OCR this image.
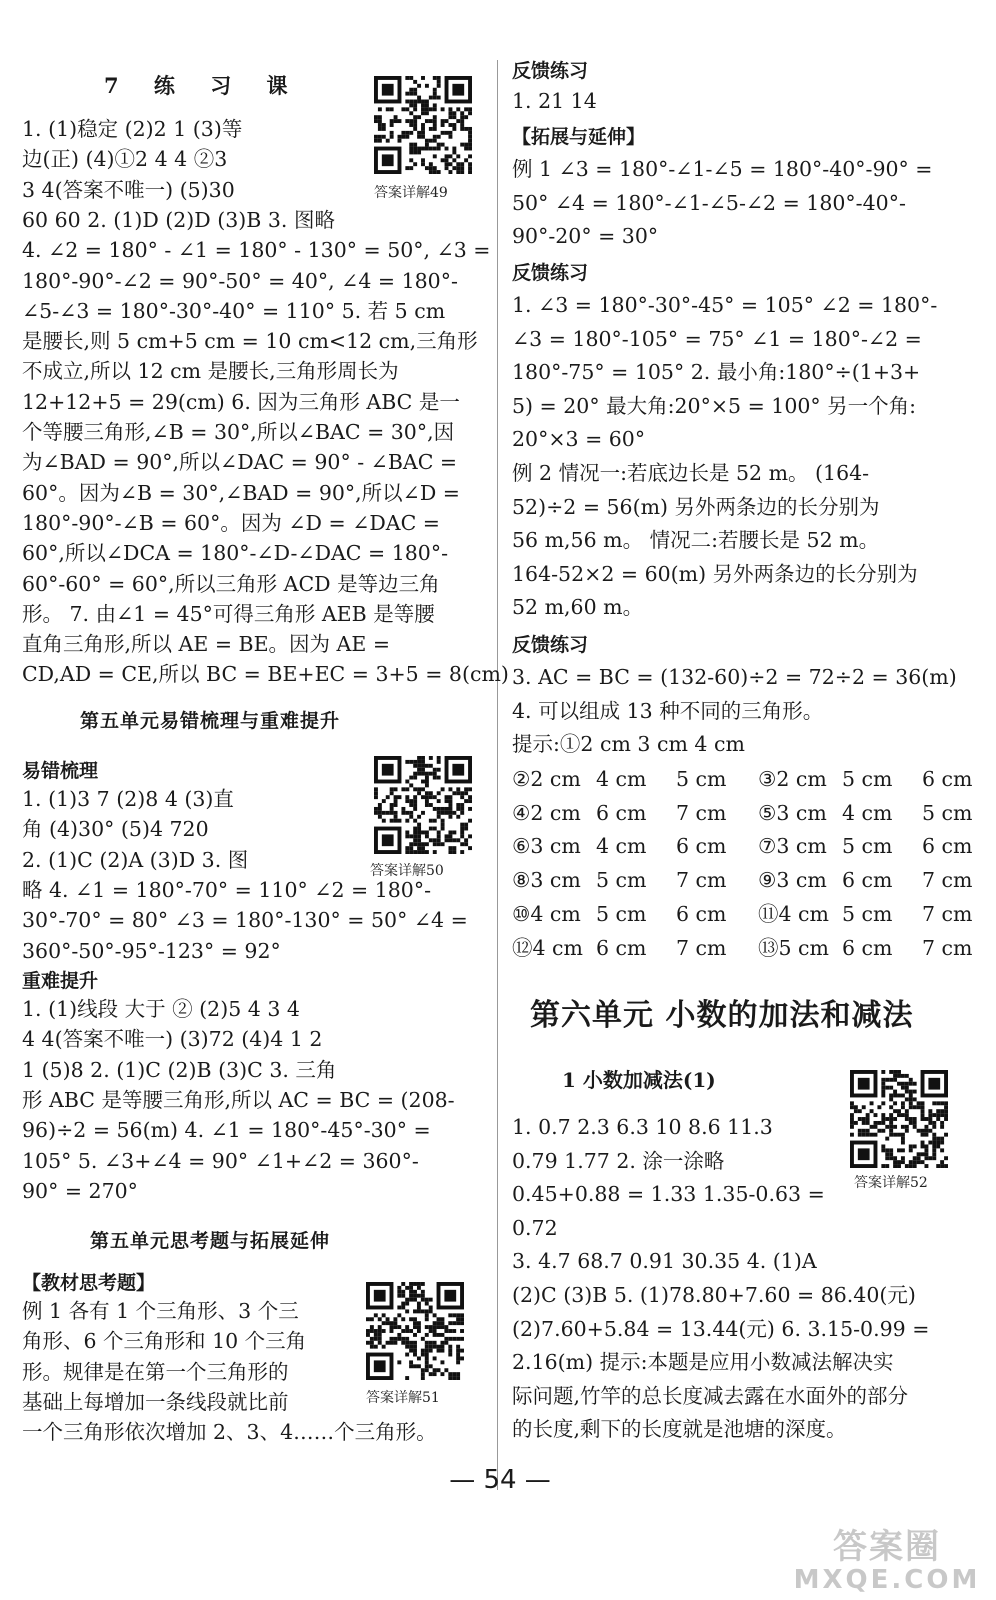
7 练 习 课
1. (1)稳定 (2)2 1 (3)等
边(正) (4)①2 4 4 ②3
3 4(答案不唯一) (5)30
60 60 2. (1)D (2)D (3)B 3. 图略
4. ∠2 = 180° - ∠1 = 180° - 130° = 50°, ∠3 =
180°-90°-∠2 = 90°-50° = 40°, ∠4 = 180°-
∠5-∠3 = 180°-30°-40° = 110° 5. 若 5 cm
是腰长,则 5 cm+5 cm = 10 cm<12 cm,三角形
不成立,所以 12 cm 是腰长,三角形周长为
12+12+5 = 29(cm) 6. 因为三角形 ABC 是一
个等腰三角形,∠B = 30°,所以∠BAC = 30°,因
为∠BAD = 90°,所以∠DAC = 90° - ∠BAC =
60°。因为∠B = 30°,∠BAD = 90°,所以∠D =
180°-90°-∠B = 60°。因为 ∠D = ∠DAC =
60°,所以∠DCA = 180°-∠D-∠DAC = 180°-
60°-60° = 60°,所以三角形 ACD 是等边三角
形。 7. 由∠1 = 45°可得三角形 AEB 是等腰
直角三角形,所以 AE = BE。因为 AE =
CD,AD = CE,所以 BC = BE+EC = 3+5 = 8(cm)
第五单元易错梳理与重难提升
易错梳理
1. (1)3 7 (2)8 4 (3)直
角 (4)30° (5)4 720
2. (1)C (2)A (3)D 3. 图
略 4. ∠1 = 180°-70° = 110° ∠2 = 180°-
30°-70° = 80° ∠3 = 180°-130° = 50° ∠4 =
360°-50°-95°-123° = 92°
重难提升
1. (1)线段 大于 ② (2)5 4 3 4
4 4(答案不唯一) (3)72 (4)4 1 2
1 (5)8 2. (1)C (2)B (3)C 3. 三角
形 ABC 是等腰三角形,所以 AC = BC = (208-
96)÷2 = 56(m) 4. ∠1 = 180°-45°-30° =
105° 5. ∠3+∠4 = 90° ∠1+∠2 = 360°-
90° = 270°
第五单元思考题与拓展延伸
【教材思考题】
例 1 各有 1 个三角形、3 个三
角形、6 个三角形和 10 个三角
形。规律是在第一个三角形的
基础上每增加一条线段就比前
一个三角形依次增加 2、3、4……个三角形。
答案详解49
答案详解50
答案详解51
反馈练习
1. 21 14
【拓展与延伸】
例 1 ∠3 = 180°-∠1-∠5 = 180°-40°-90° =
50° ∠4 = 180°-∠1-∠5-∠2 = 180°-40°-
90°-20° = 30°
反馈练习
1. ∠3 = 180°-30°-45° = 105° ∠2 = 180°-
∠3 = 180°-105° = 75° ∠1 = 180°-∠2 =
180°-75° = 105° 2. 最小角:180°÷(1+3+
5) = 20° 最大角:20°×5 = 100° 另一个角:
20°×3 = 60°
例 2 情况一:若底边长是 52 m。 (164-
52)÷2 = 56(m) 另外两条边的长分别为
56 m,56 m。 情况二:若腰长是 52 m。
164-52×2 = 60(m) 另外两条边的长分别为
52 m,60 m。
反馈练习
3. AC = BC = (132-60)÷2 = 72÷2 = 36(m)
4. 可以组成 13 种不同的三角形。
提示:①2 cm 3 cm 4 cm
②2 cm 4 cm 5 cm ③2 cm 5 cm 6 cm
④2 cm 6 cm 7 cm ⑤3 cm 4 cm 5 cm
⑥3 cm 4 cm 6 cm ⑦3 cm 5 cm 6 cm
⑧3 cm 5 cm 7 cm ⑨3 cm 6 cm 7 cm
⑩4 cm 5 cm 6 cm ⑪4 cm 5 cm 7 cm
⑫4 cm 6 cm 7 cm ⑬5 cm 6 cm 7 cm
第六单元 小数的加法和减法
1 小数加减法(1)
1. 0.7 2.3 6.3 10 8.6 11.3
0.79 1.77 2. 涂一涂略
0.45+0.88 = 1.33 1.35-0.63 =
0.72
3. 4.7 68.7 0.91 30.35 4. (1)A
(2)C (3)B 5. (1)78.80+7.60 = 86.40(元)
(2)7.60+5.84 = 13.44(元) 6. 3.15-0.99 =
2.16(m) 提示:本题是应用小数减法解决实
际问题,竹竿的总长度减去露在水面外的部分
的长度,剩下的长度就是池塘的深度。
答案详解52
— 54 —
答案圈
MXQE.COM
